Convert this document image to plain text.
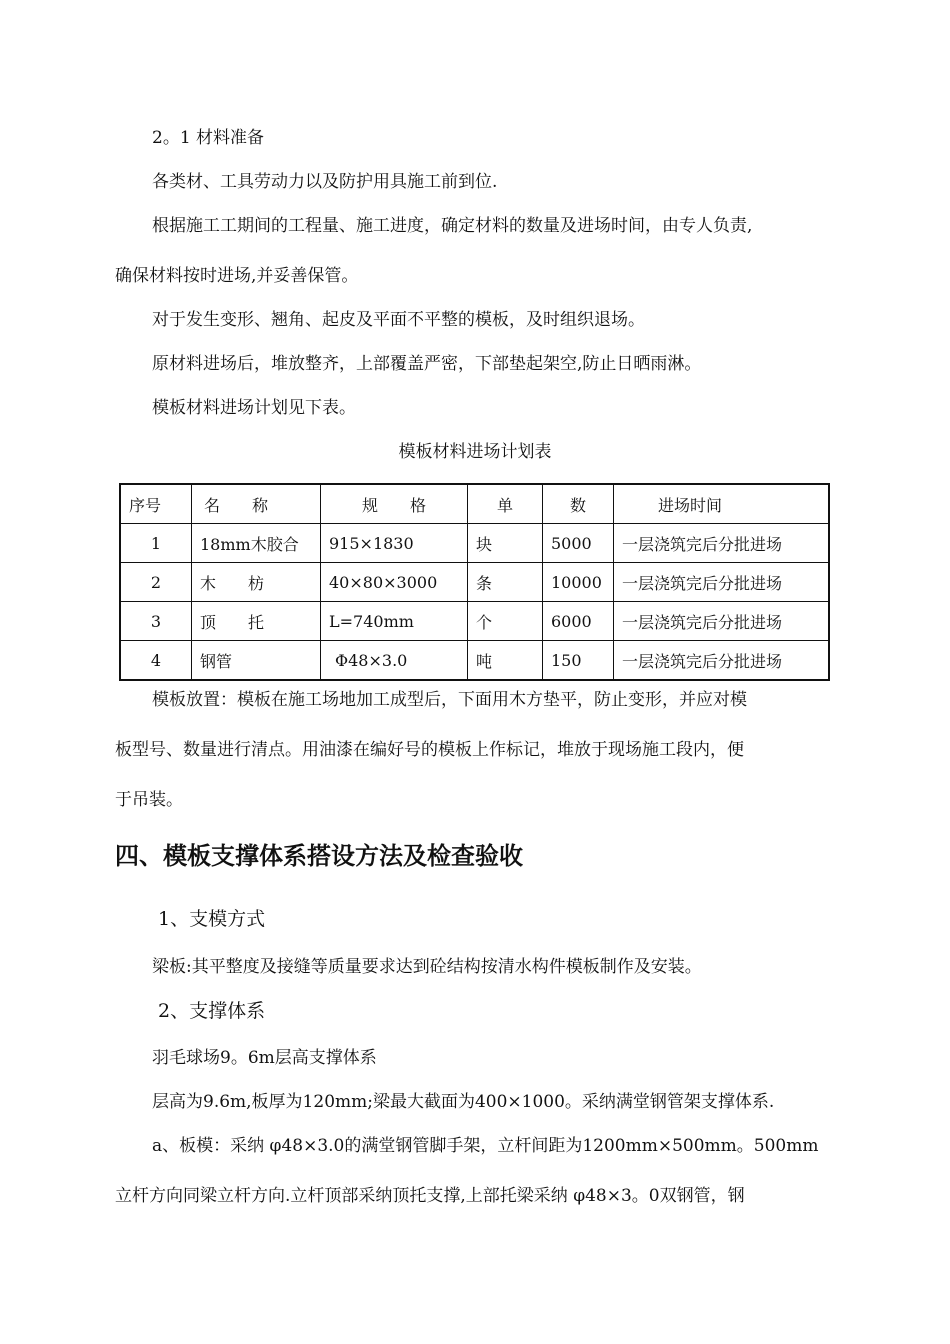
2。1 材料准备
各类材、工具劳动力以及防护用具施工前到位.
根据施工工期间的工程量、施工进度，确定材料的数量及进场时间，由专人负责,
确保材料按时进场,并妥善保管。
对于发生变形、翘角、起皮及平面不平整的模板，及时组织退场。
原材料进场后，堆放整齐，上部覆盖严密，下部垫起架空,防止日晒雨淋。
模板材料进场计划见下表。
模板材料进场计划表
序号	名　　称	规　　格	单	数	进场时间
1	18mm木胶合	915×1830	块	5000	一层浇筑完后分批进场
2	木　　枋	40×80×3000	条	10000	一层浇筑完后分批进场
3	顶　　托	L=740mm	个	6000	一层浇筑完后分批进场
4	钢管	Φ48×3.0	吨	150	一层浇筑完后分批进场
模板放置：模板在施工场地加工成型后，下面用木方垫平，防止变形，并应对模
板型号、数量进行清点。用油漆在编好号的模板上作标记，堆放于现场施工段内，便
于吊装。
四、模板支撑体系搭设方法及检查验收
1、支模方式
梁板:其平整度及接缝等质量要求达到砼结构按清水构件模板制作及安装。
2、支撑体系
羽毛球场9。6m层高支撑体系
层高为9.6m,板厚为120mm;梁最大截面为400×1000。采纳满堂钢管架支撑体系.
a、板模：采纳 φ48×3.0的满堂钢管脚手架，立杆间距为1200mm×500mm。500mm
立杆方向同梁立杆方向.立杆顶部采纳顶托支撑,上部托梁采纳 φ48×3。0双钢管，钢
